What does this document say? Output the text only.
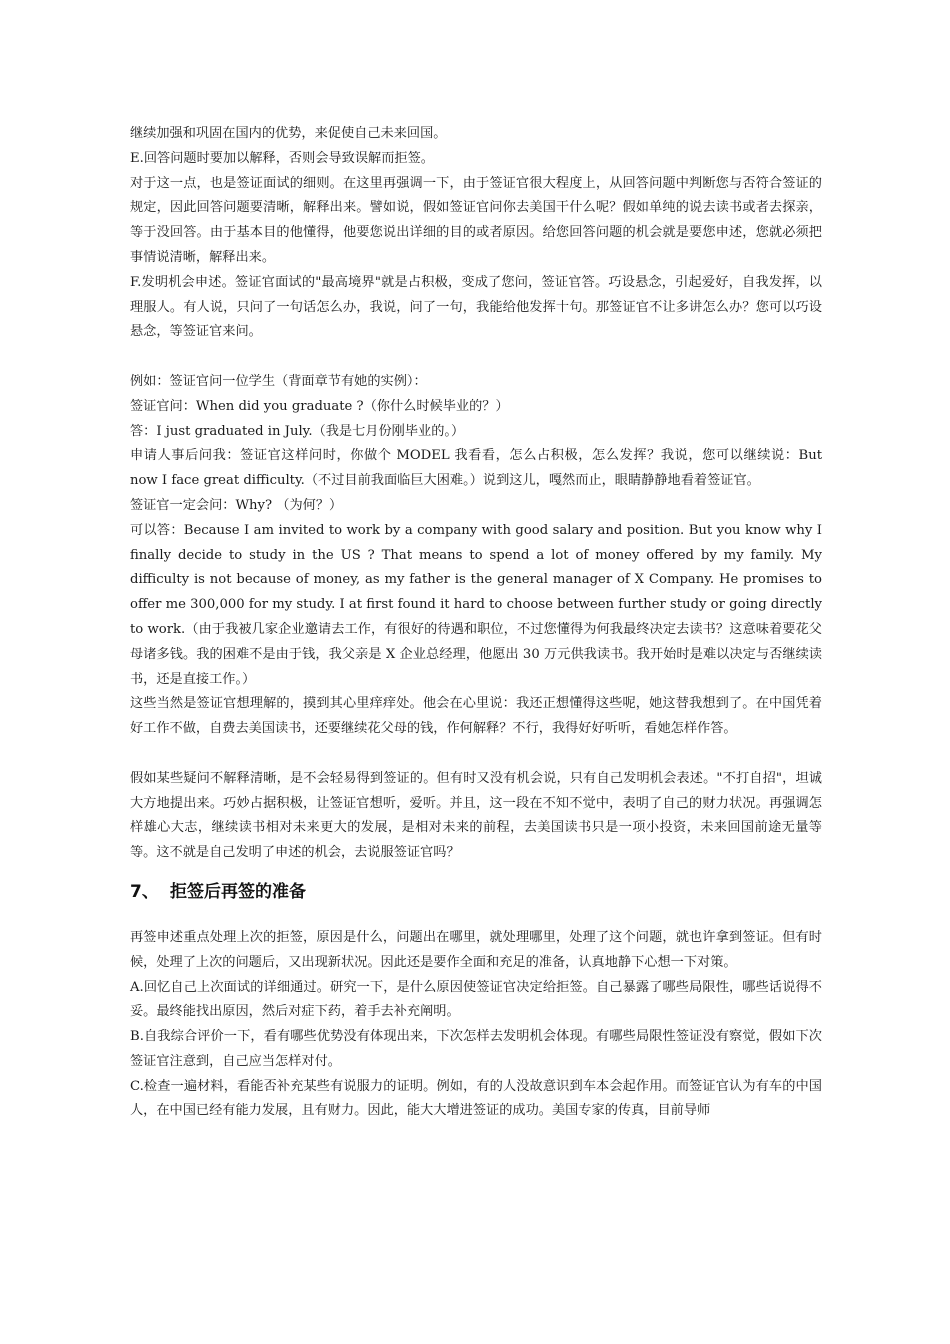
继续加强和巩固在国内的优势，来促使自己未来回国。

E.回答问题时要加以解释，否则会导致误解而拒签。

对于这一点，也是签证面试的细则。在这里再强调一下，由于签证官很大程度上，从回答问题中判断您与否符合签证的规定，因此回答问题要清晰，解释出来。譬如说，假如签证官问你去美国干什么呢？假如单纯的说去读书或者去探亲，等于没回答。由于基本目的他懂得，他要您说出详细的目的或者原因。给您回答问题的机会就是要您申述，您就必须把事情说清晰，解释出来。

F.发明机会申述。签证官面试的"最高境界"就是占积极，变成了您问，签证官答。巧设悬念，引起爱好，自我发挥，以理服人。有人说，只问了一句话怎么办，我说，问了一句，我能给他发挥十句。那签证官不让多讲怎么办？您可以巧设悬念，等签证官来问。

例如：签证官问一位学生（背面章节有她的实例）：

签证官问：When did you graduate ?（你什么时候毕业的？）

答：I just graduated in July.（我是七月份刚毕业的。）

申请人事后问我：签证官这样问时，你做个 MODEL 我看看，怎么占积极，怎么发挥？我说，您可以继续说：But now I face great difficulty.（不过目前我面临巨大困难。）说到这儿，嘎然而止，眼睛静静地看着签证官。

签证官一定会问：Why? （为何？）

可以答：Because I am invited to work by a company with good salary and position. But you know why I finally decide to study in the US ? That means to spend a lot of money offered by my family. My difficulty is not because of money, as my father is the general manager of X Company. He promises to offer me 300,000 for my study. I at first found it hard to choose between further study or going directly to work.（由于我被几家企业邀请去工作，有很好的待遇和职位，不过您懂得为何我最终决定去读书？这意味着要花父母诸多钱。我的困难不是由于钱，我父亲是 X 企业总经理，他愿出 30 万元供我读书。我开始时是难以决定与否继续读书，还是直接工作。）

这些当然是签证官想理解的，摸到其心里痒痒处。他会在心里说：我还正想懂得这些呢，她这替我想到了。在中国凭着好工作不做，自费去美国读书，还要继续花父母的钱，作何解释？不行，我得好好听听，看她怎样作答。

假如某些疑问不解释清晰，是不会轻易得到签证的。但有时又没有机会说，只有自己发明机会表述。"不打自招"，坦诚大方地提出来。巧妙占据积极，让签证官想听，爱听。并且，这一段在不知不觉中，表明了自己的财力状况。再强调怎样雄心大志，继续读书相对未来更大的发展，是相对未来的前程，去美国读书只是一项小投资，未来回国前途无量等等。这不就是自己发明了申述的机会，去说服签证官吗？

7、 拒签后再签的准备

再签申述重点处理上次的拒签，原因是什么，问题出在哪里，就处理哪里，处理了这个问题，就也许拿到签证。但有时候，处理了上次的问题后，又出现新状况。因此还是要作全面和充足的准备，认真地静下心想一下对策。

A.回忆自己上次面试的详细通过。研究一下，是什么原因使签证官决定给拒签。自己暴露了哪些局限性，哪些话说得不妥。最终能找出原因，然后对症下药，着手去补充阐明。

B.自我综合评价一下，看有哪些优势没有体现出来，下次怎样去发明机会体现。有哪些局限性签证没有察觉，假如下次签证官注意到，自己应当怎样对付。

C.检查一遍材料，看能否补充某些有说服力的证明。例如，有的人没故意识到车本会起作用。而签证官认为有车的中国人，在中国已经有能力发展，且有财力。因此，能大大增进签证的成功。美国专家的传真，目前导师
